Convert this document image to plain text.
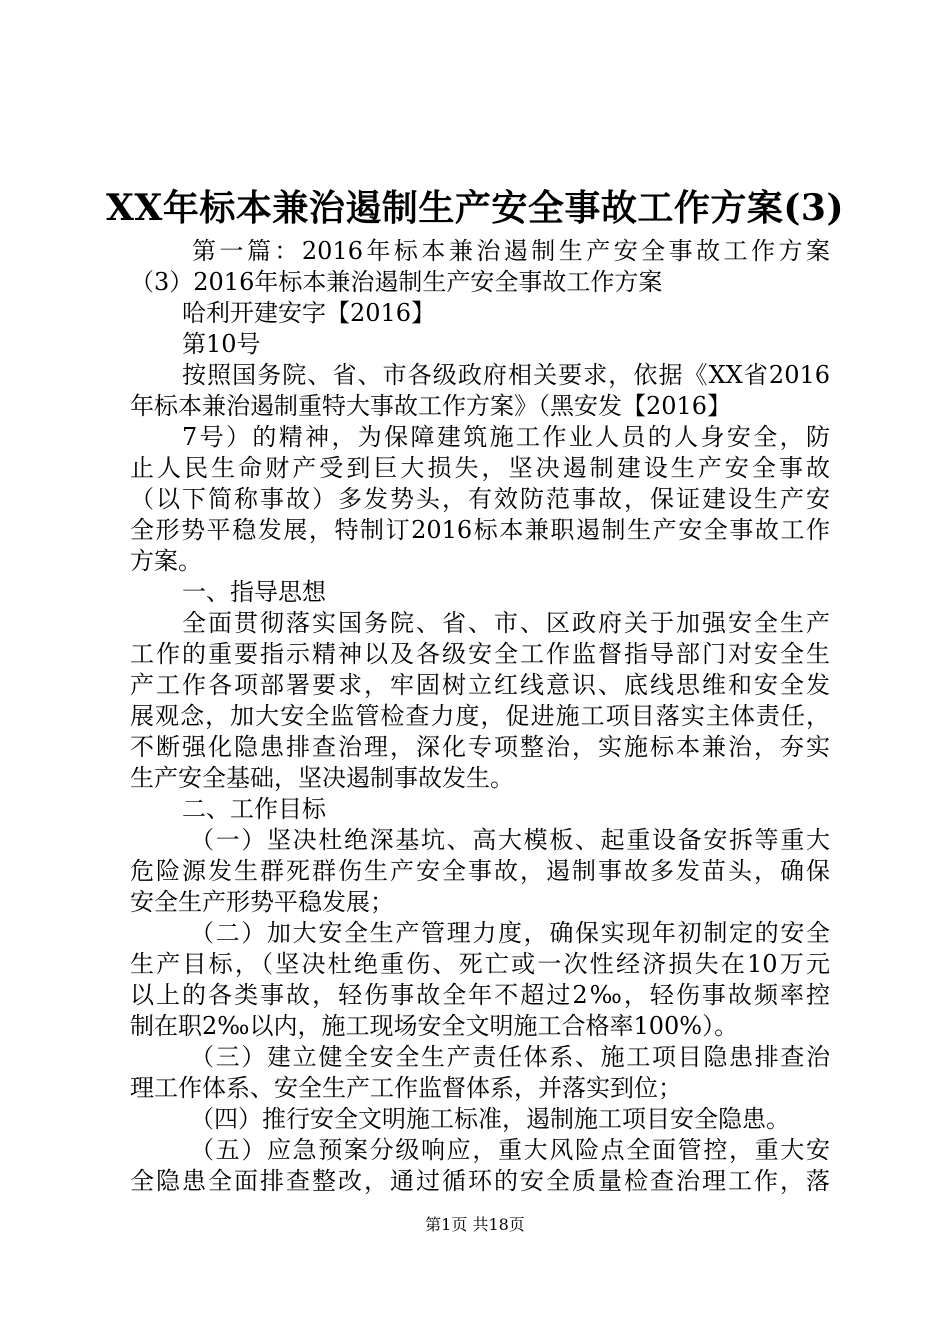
XX年标本兼治遏制生产安全事故工作方案(3)
第一篇：2016年标本兼治遏制生产安全事故工作方案
（3）2016年标本兼治遏制生产安全事故工作方案
哈利开建安字【2016】
第10号
按照国务院、省、市各级政府相关要求，依据《XX省2016
年标本兼治遏制重特大事故工作方案》（黑安发【2016】
7号）的精神，为保障建筑施工作业人员的人身安全，防
止人民生命财产受到巨大损失，坚决遏制建设生产安全事故
（以下简称事故）多发势头，有效防范事故，保证建设生产安
全形势平稳发展，特制订2016标本兼职遏制生产安全事故工作
方案。
一、指导思想
全面贯彻落实国务院、省、市、区政府关于加强安全生产
工作的重要指示精神以及各级安全工作监督指导部门对安全生
产工作各项部署要求，牢固树立红线意识、底线思维和安全发
展观念，加大安全监管检查力度，促进施工项目落实主体责任，
不断强化隐患排查治理，深化专项整治，实施标本兼治，夯实
生产安全基础，坚决遏制事故发生。
二、工作目标
（一）坚决杜绝深基坑、高大模板、起重设备安拆等重大
危险源发生群死群伤生产安全事故，遏制事故多发苗头，确保
安全生产形势平稳发展；
（二）加大安全生产管理力度，确保实现年初制定的安全
生产目标，（坚决杜绝重伤、死亡或一次性经济损失在10万元
以上的各类事故，轻伤事故全年不超过2‰，轻伤事故频率控
制在职2‰以内，施工现场安全文明施工合格率100%）。
（三）建立健全安全生产责任体系、施工项目隐患排查治
理工作体系、安全生产工作监督体系，并落实到位；
（四）推行安全文明施工标准，遏制施工项目安全隐患。
（五）应急预案分级响应，重大风险点全面管控，重大安
全隐患全面排查整改，通过循环的安全质量检查治理工作，落
第1页 共18页
